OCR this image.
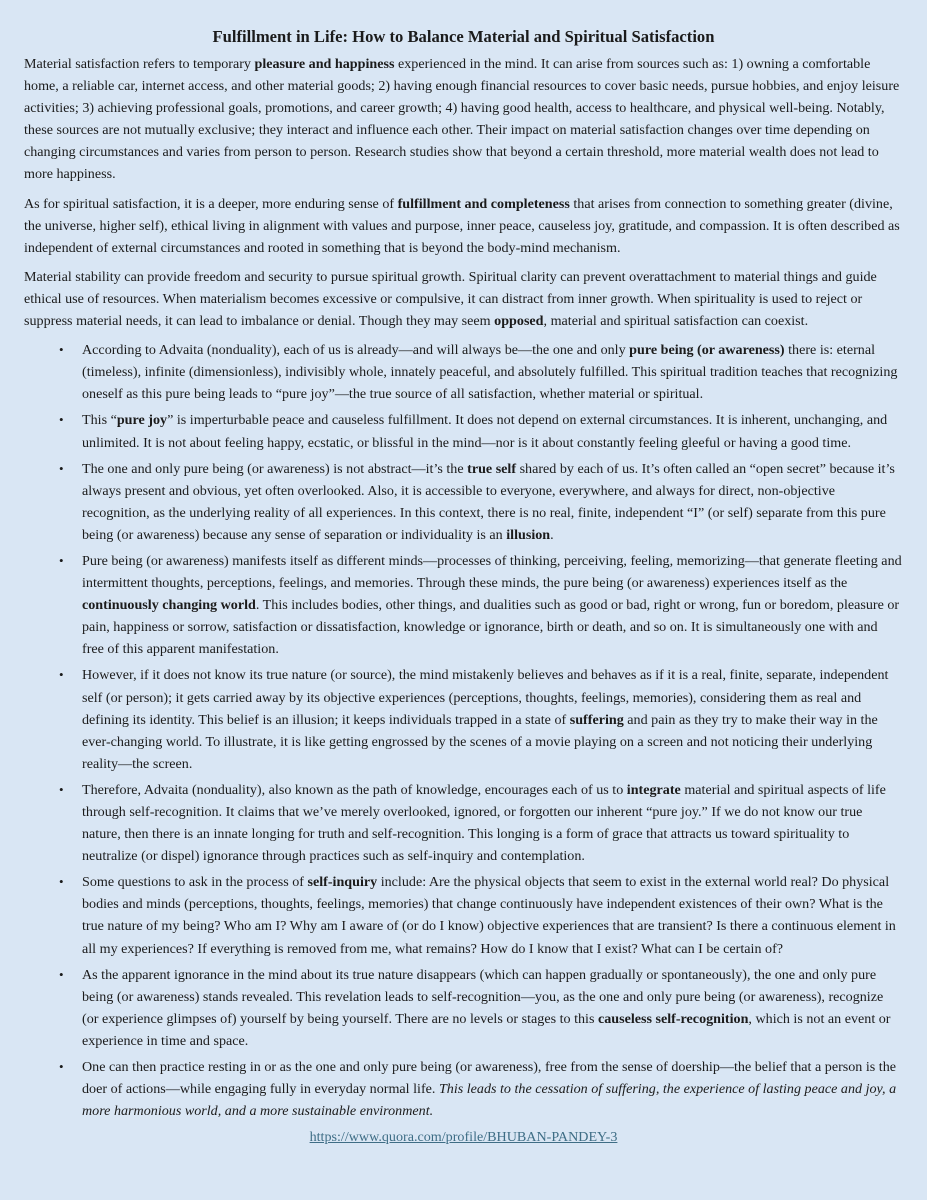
Fulfillment in Life: How to Balance Material and Spiritual Satisfaction

Material satisfaction refers to temporary pleasure and happiness experienced in the mind. It can arise from sources such as: 1) owning a comfortable home, a reliable car, internet access, and other material goods; 2) having enough financial resources to cover basic needs, pursue hobbies, and enjoy leisure activities; 3) achieving professional goals, promotions, and career growth; 4) having good health, access to healthcare, and physical well-being. Notably, these sources are not mutually exclusive; they interact and influence each other. Their impact on material satisfaction changes over time depending on changing circumstances and varies from person to person. Research studies show that beyond a certain threshold, more material wealth does not lead to more happiness.

As for spiritual satisfaction, it is a deeper, more enduring sense of fulfillment and completeness that arises from connection to something greater (divine, the universe, higher self), ethical living in alignment with values and purpose, inner peace, causeless joy, gratitude, and compassion. It is often described as independent of external circumstances and rooted in something that is beyond the body-mind mechanism.

Material stability can provide freedom and security to pursue spiritual growth. Spiritual clarity can prevent overattachment to material things and guide ethical use of resources. When materialism becomes excessive or compulsive, it can distract from inner growth. When spirituality is used to reject or suppress material needs, it can lead to imbalance or denial. Though they may seem opposed, material and spiritual satisfaction can coexist.

• According to Advaita (nonduality), each of us is already—and will always be—the one and only pure being (or awareness) there is: eternal (timeless), infinite (dimensionless), indivisibly whole, innately peaceful, and absolutely fulfilled. This spiritual tradition teaches that recognizing oneself as this pure being leads to “pure joy”—the true source of all satisfaction, whether material or spiritual.
• This “pure joy” is imperturbable peace and causeless fulfillment. It does not depend on external circumstances. It is inherent, unchanging, and unlimited. It is not about feeling happy, ecstatic, or blissful in the mind—nor is it about constantly feeling gleeful or having a good time.
• The one and only pure being (or awareness) is not abstract—it’s the true self shared by each of us. It’s often called an “open secret” because it’s always present and obvious, yet often overlooked. Also, it is accessible to everyone, everywhere, and always for direct, non-objective recognition, as the underlying reality of all experiences. In this context, there is no real, finite, independent “I” (or self) separate from this pure being (or awareness) because any sense of separation or individuality is an illusion.
• Pure being (or awareness) manifests itself as different minds—processes of thinking, perceiving, feeling, memorizing—that generate fleeting and intermittent thoughts, perceptions, feelings, and memories. Through these minds, the pure being (or awareness) experiences itself as the continuously changing world. This includes bodies, other things, and dualities such as good or bad, right or wrong, fun or boredom, pleasure or pain, happiness or sorrow, satisfaction or dissatisfaction, knowledge or ignorance, birth or death, and so on. It is simultaneously one with and free of this apparent manifestation.
• However, if it does not know its true nature (or source), the mind mistakenly believes and behaves as if it is a real, finite, separate, independent self (or person); it gets carried away by its objective experiences (perceptions, thoughts, feelings, memories), considering them as real and defining its identity. This belief is an illusion; it keeps individuals trapped in a state of suffering and pain as they try to make their way in the ever-changing world. To illustrate, it is like getting engrossed by the scenes of a movie playing on a screen and not noticing their underlying reality—the screen.
• Therefore, Advaita (nonduality), also known as the path of knowledge, encourages each of us to integrate material and spiritual aspects of life through self-recognition. It claims that we’ve merely overlooked, ignored, or forgotten our inherent “pure joy.” If we do not know our true nature, then there is an innate longing for truth and self-recognition. This longing is a form of grace that attracts us toward spirituality to neutralize (or dispel) ignorance through practices such as self-inquiry and contemplation.
• Some questions to ask in the process of self-inquiry include: Are the physical objects that seem to exist in the external world real? Do physical bodies and minds (perceptions, thoughts, feelings, memories) that change continuously have independent existences of their own? What is the true nature of my being? Who am I? Why am I aware of (or do I know) objective experiences that are transient? Is there a continuous element in all my experiences? If everything is removed from me, what remains? How do I know that I exist? What can I be certain of?
• As the apparent ignorance in the mind about its true nature disappears (which can happen gradually or spontaneously), the one and only pure being (or awareness) stands revealed. This revelation leads to self-recognition—you, as the one and only pure being (or awareness), recognize (or experience glimpses of) yourself by being yourself. There are no levels or stages to this causeless self-recognition, which is not an event or experience in time and space.
• One can then practice resting in or as the one and only pure being (or awareness), free from the sense of doership—the belief that a person is the doer of actions—while engaging fully in everyday normal life. This leads to the cessation of suffering, the experience of lasting peace and joy, a more harmonious world, and a more sustainable environment.
https://www.quora.com/profile/BHUBAN-PANDEY-3
